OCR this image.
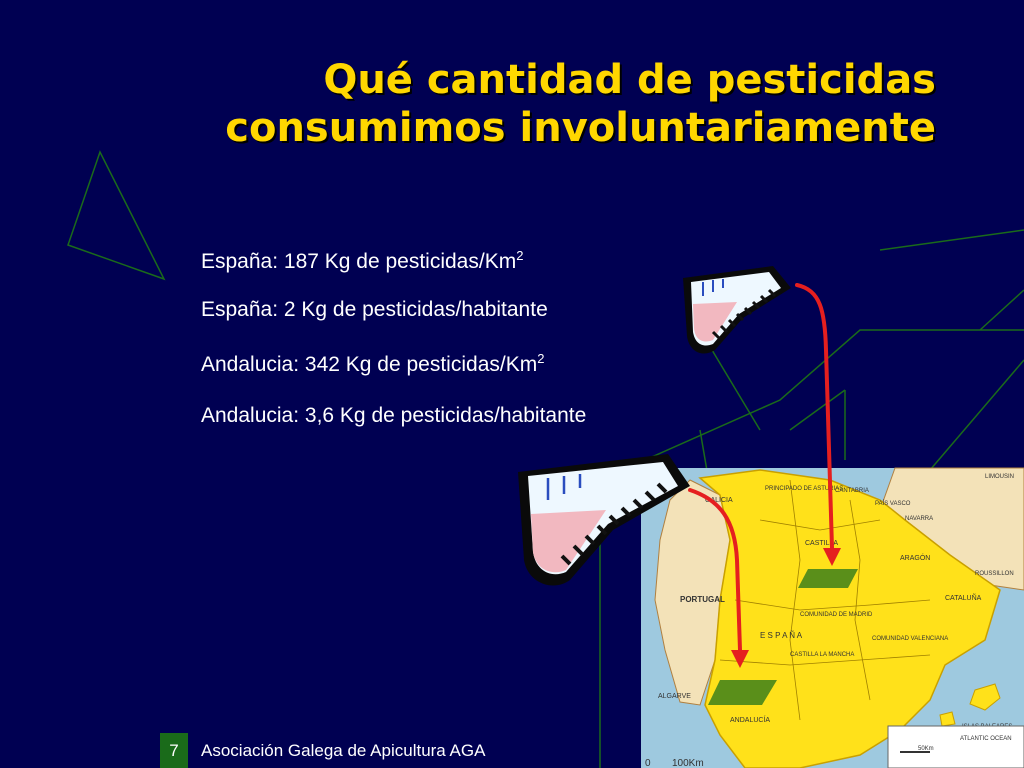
Qué cantidad de pesticidas
consumimos involuntariamente
España: 187 Kg de pesticidas/Km$^2$
España: 2 Kg de pesticidas/habitante
Andalucia: 342 Kg de pesticidas/Km$^2$
Andalucia: 3,6 Kg de pesticidas/habitante
GALICIA
PRINCIPADO DE ASTURIAS
CANTABRIA
PAÍS VASCO
NAVARRA
CASTILLA
PORTUGAL
E S P A Ñ A
COMUNIDAD DE MADRID
CATALUÑA
ARAGÓN
COMUNIDAD VALENCIANA
CASTILLA LA MANCHA
ANDALUCÍA
ALGARVE
LIMOUSIN
ROUSSILLON
ATLANTIC OCEAN
50Km
0 100Km
7	Asociación Galega de Apicultura AGA
